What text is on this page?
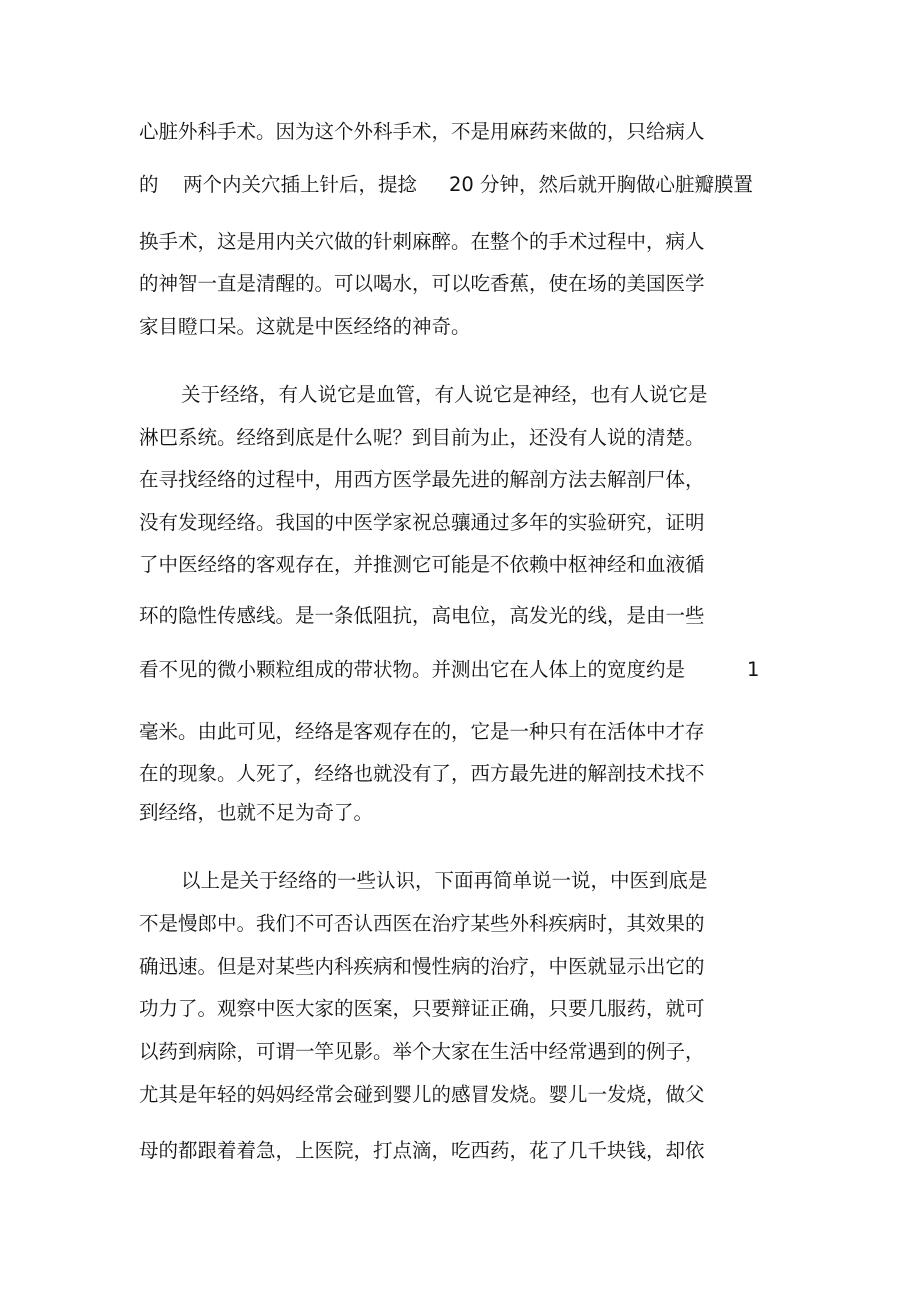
心脏外科手术。因为这个外科手术，不是用麻药来做的，只给病人

的 两个内关穴插上针后，提捻 20 分钟，然后就开胸做心脏瓣膜置

换手术，这是用内关穴做的针刺麻醉。在整个的手术过程中，病人

的神智一直是清醒的。可以喝水，可以吃香蕉，使在场的美国医学

家目瞪口呆。这就是中医经络的神奇。

关于经络，有人说它是血管，有人说它是神经，也有人说它是

淋巴系统。经络到底是什么呢？到目前为止，还没有人说的清楚。

在寻找经络的过程中，用西方医学最先进的解剖方法去解剖尸体，

没有发现经络。我国的中医学家祝总骧通过多年的实验研究，证明

了中医经络的客观存在，并推测它可能是不依赖中枢神经和血液循

环的隐性传感线。是一条低阻抗，高电位，高发光的线，是由一些

看不见的微小颗粒组成的带状物。并测出它在人体上的宽度约是	1

毫米。由此可见，经络是客观存在的，它是一种只有在活体中才存

在的现象。人死了，经络也就没有了，西方最先进的解剖技术找不

到经络，也就不足为奇了。

以上是关于经络的一些认识，下面再简单说一说，中医到底是

不是慢郎中。我们不可否认西医在治疗某些外科疾病时，其效果的

确迅速。但是对某些内科疾病和慢性病的治疗，中医就显示出它的

功力了。观察中医大家的医案，只要辩证正确，只要几服药，就可

以药到病除，可谓一竿见影。举个大家在生活中经常遇到的例子，

尤其是年轻的妈妈经常会碰到婴儿的感冒发烧。婴儿一发烧，做父

母的都跟着着急，上医院，打点滴，吃西药，花了几千块钱，却依
